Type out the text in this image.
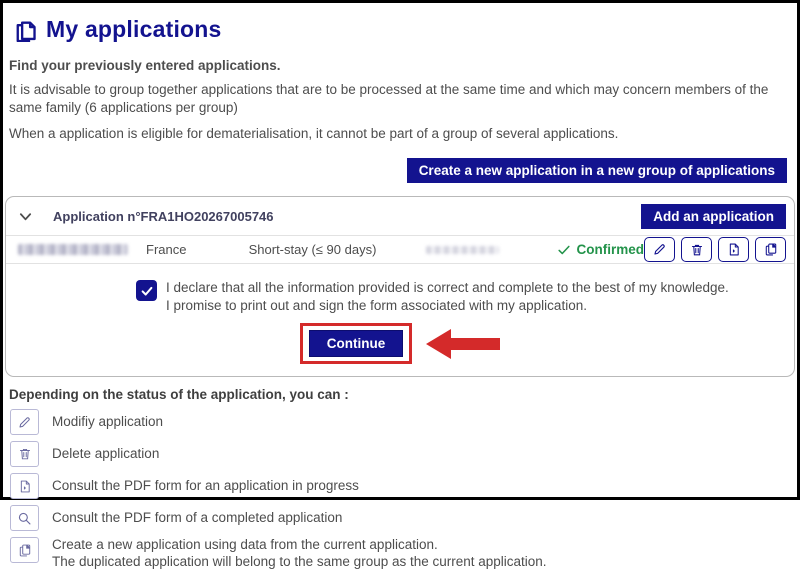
My applications
Find your previously entered applications.
It is advisable to group together applications that are to be processed at the same time and which may concern members of the same family (6 applications per group)
When a application is eligible for dematerialisation, it cannot be part of a group of several applications.
Create a new application in a new group of applications
Application n°FRA1HO20267005746	Add an application
France	Short-stay (≤ 90 days)	Confirmed
I declare that all the information provided is correct and complete to the best of my knowledge.
I promise to print out and sign the form associated with my application.
Continue
Depending on the status of the application, you can :
Modifiy application
Delete application
Consult the PDF form for an application in progress
Consult the PDF form of a completed application
Create a new application using data from the current application.
The duplicated application will belong to the same group as the current application.
